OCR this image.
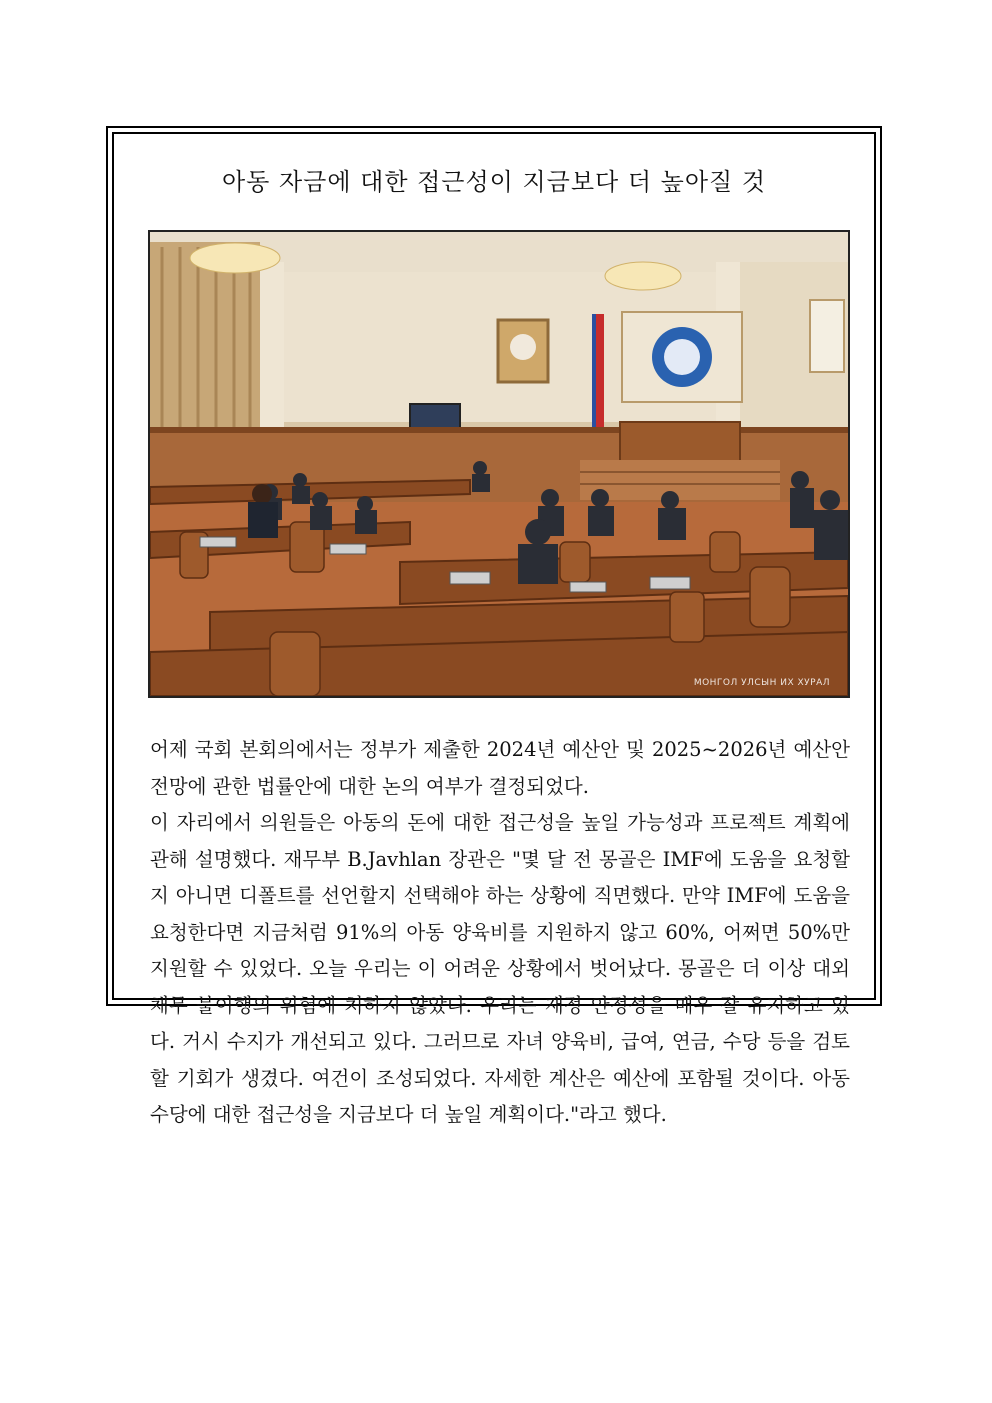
아동 자금에 대한 접근성이 지금보다 더 높아질 것
МОНГОЛ УЛСЫН ИХ ХУРАЛ

어제 국회 본회의에서는 정부가 제출한 2024년 예산안 및 2025~2026년 예산안 전망에 관한 법률안에 대한 논의 여부가 결정되었다.

이 자리에서 의원들은 아동의 돈에 대한 접근성을 높일 가능성과 프로젝트 계획에 관해 설명했다. 재무부 B.Javhlan 장관은 "몇 달 전 몽골은 IMF에 도움을 요청할지 아니면 디폴트를 선언할지 선택해야 하는 상황에 직면했다. 만약 IMF에 도움을 요청한다면 지금처럼 91%의 아동 양육비를 지원하지 않고 60%, 어쩌면 50%만 지원할 수 있었다. 오늘 우리는 이 어려운 상황에서 벗어났다. 몽골은 더 이상 대외 채무 불이행의 위험에 처하지 않았다. 우리는 재정 안정성을 매우 잘 유지하고 있다. 거시 수지가 개선되고 있다. 그러므로 자녀 양육비, 급여, 연금, 수당 등을 검토할 기회가 생겼다. 여건이 조성되었다. 자세한 계산은 예산에 포함될 것이다. 아동수당에 대한 접근성을 지금보다 더 높일 계획이다."라고 했다.
